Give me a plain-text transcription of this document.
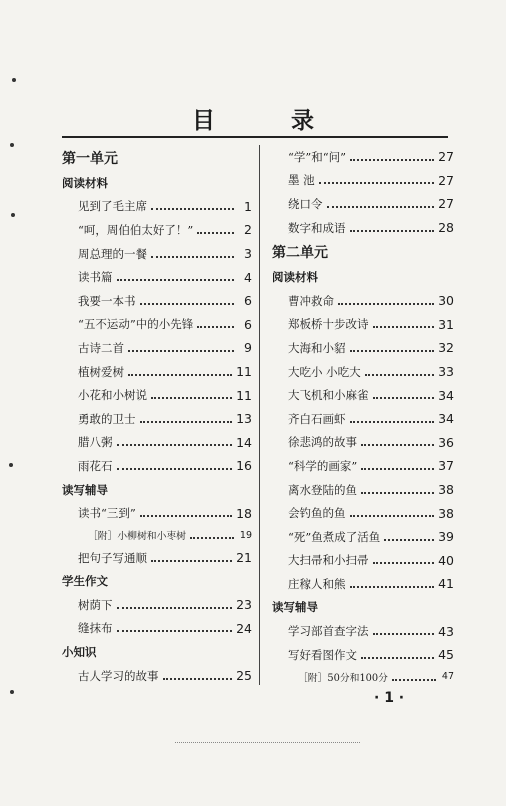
目 录
第一单元
阅读材料
见到了毛主席	1
“呵，周伯伯太好了！”	2
周总理的一餐	3
读书篇	4
我要一本书	6
“五不运动”中的小先锋	6
古诗二首	9
植树爱树	11
小花和小树说	11
勇敢的卫士	13
腊八粥	14
雨花石	16
读写辅导
读书“三到”	18
［附］小柳树和小枣树	19
把句子写通顺	21
学生作文
树荫下	23
缝抹布	24
小知识
古人学习的故事	25
“学”和“问”	27
墨 池	27
绕口令	27
数字和成语	28
第二单元
阅读材料
曹冲救命	30
郑板桥十步改诗	31
大海和小貂	32
大吃小 小吃大	33
大飞机和小麻雀	34
齐白石画虾	34
徐悲鸿的故事	36
“科学的画家”	37
离水登陆的鱼	38
会钓鱼的鱼	38
“死”鱼煮成了活鱼	39
大扫帚和小扫帚	40
庄稼人和熊	41
读写辅导
学习部首查字法	43
写好看图作文	45
［附］50分和100分	47
· 1 ·
